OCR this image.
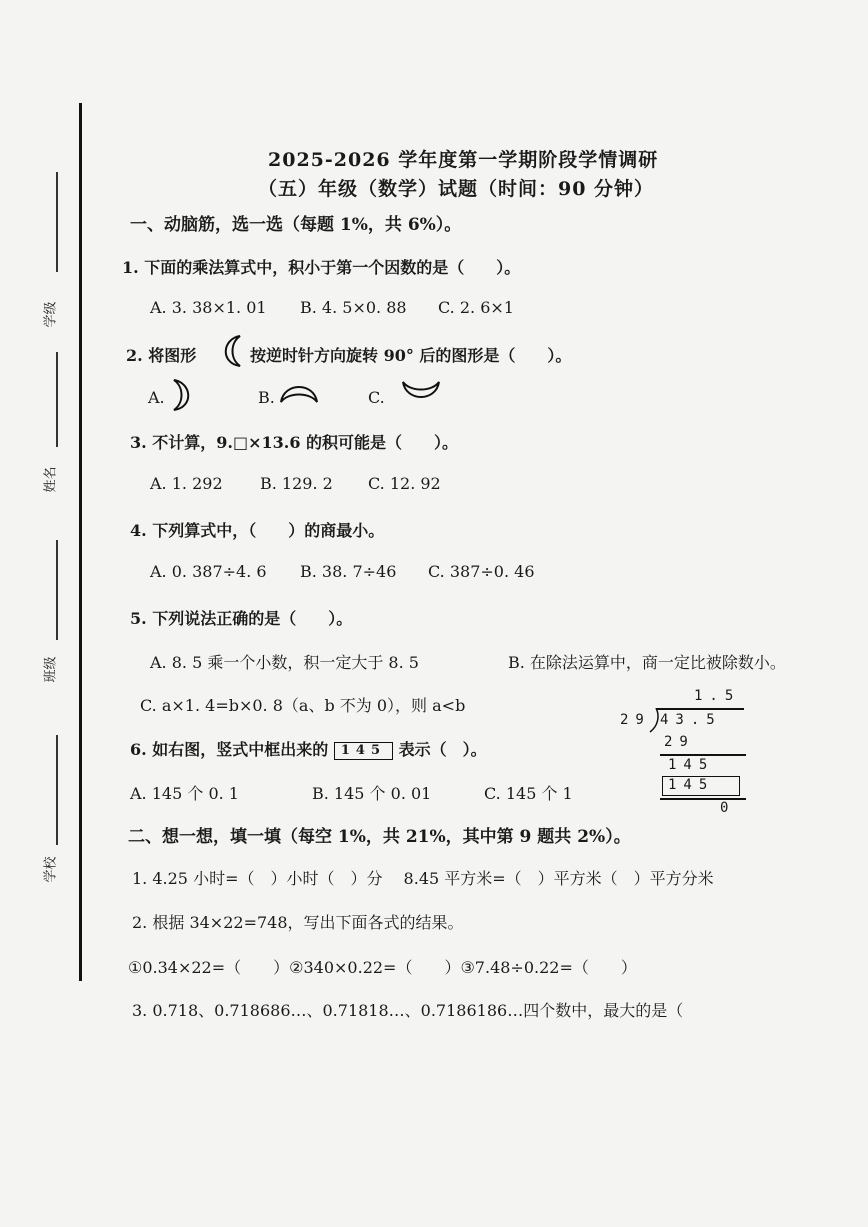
学级
姓名
班级
学校
2025-2026 学年度第一学期阶段学情调研
（五）年级（数学）试题（时间：90 分钟）
一、动脑筋，选一选（每题 1%，共 6%）。
1. 下面的乘法算式中，积小于第一个因数的是（　　）。
A. 3. 38×1. 01 B. 4. 5×0. 88 C. 2. 6×1
2. 将图形	按逆时针方向旋转 90° 后的图形是（　　）。
A.	B.	C.
3. 不计算，9.□×13.6 的积可能是（　　）。
A. 1. 292 B. 129. 2 C. 12. 92
4. 下列算式中，（　　）的商最小。
A. 0. 387÷4. 6 B. 38. 7÷46 C. 387÷0. 46
5. 下列说法正确的是（　　）。
A. 8. 5 乘一个小数，积一定大于 8. 5	B. 在除法运算中，商一定比被除数小。
C. a×1. 4=b×0. 8（a、b 不为 0），则 a<b
6. 如右图，竖式中框出来的 145 表示（　）。
A. 145 个 0. 1	B. 145 个 0. 01	C. 145 个 1
1.5
29 43.5
29
145
145
0
二、想一想，填一填（每空 1%，共 21%，其中第 9 题共 2%）。
1. 4.25 小时=（　）小时（　）分　 8.45 平方米=（　）平方米（　）平方分米
2. 根据 34×22=748，写出下面各式的结果。
①0.34×22=（　　）②340×0.22=（　　）③7.48÷0.22=（　　）
3. 0.718、0.718686…、0.71818…、0.7186186…四个数中，最大的是（
